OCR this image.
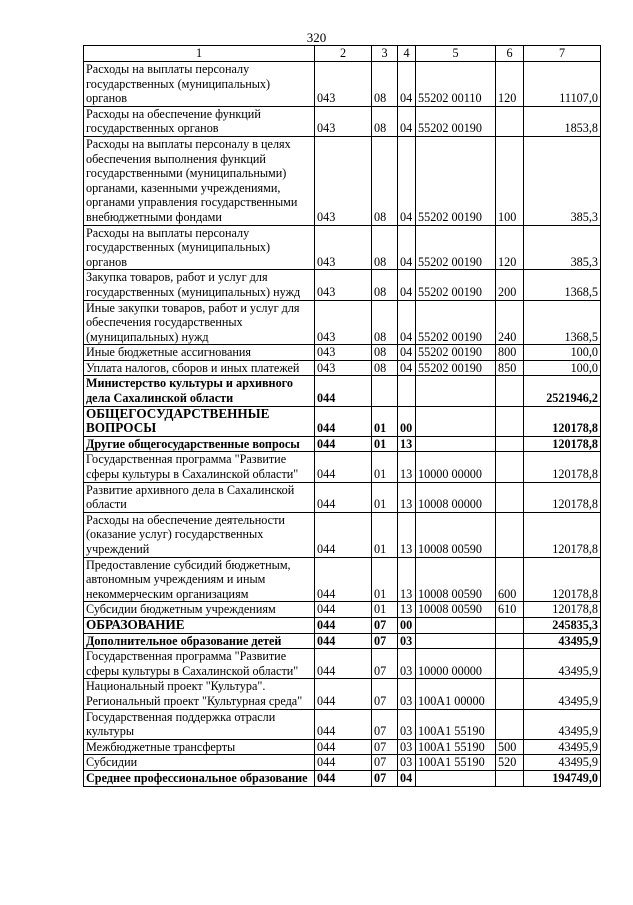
320
1	2	3	4	5	6	7
Расходы на выплаты персоналу государственных (муниципальных) органов	043	08	04	55202 00110	120	11107,0
Расходы на обеспечение функций государственных органов	043	08	04	55202 00190		1853,8
Расходы на выплаты персоналу в целях обеспечения выполнения функций государственными (муниципальными) органами, казенными учреждениями, органами управления государственными внебюджетными фондами	043	08	04	55202 00190	100	385,3
Расходы на выплаты персоналу государственных (муниципальных) органов	043	08	04	55202 00190	120	385,3
Закупка товаров, работ и услуг для государственных (муниципальных) нужд	043	08	04	55202 00190	200	1368,5
Иные закупки товаров, работ и услуг для обеспечения государственных (муниципальных) нужд	043	08	04	55202 00190	240	1368,5
Иные бюджетные ассигнования	043	08	04	55202 00190	800	100,0
Уплата налогов, сборов и иных платежей	043	08	04	55202 00190	850	100,0
Министерство культуры и архивного дела Сахалинской области	044					2521946,2
ОБЩЕГОСУДАРСТВЕННЫЕ ВОПРОСЫ	044	01	00			120178,8
Другие общегосударственные вопросы	044	01	13			120178,8
Государственная программа "Развитие сферы культуры в Сахалинской области"	044	01	13	10000 00000		120178,8
Развитие архивного дела в Сахалинской области	044	01	13	10008 00000		120178,8
Расходы на обеспечение деятельности (оказание услуг) государственных учреждений	044	01	13	10008 00590		120178,8
Предоставление субсидий бюджетным, автономным учреждениям и иным некоммерческим организациям	044	01	13	10008 00590	600	120178,8
Субсидии бюджетным учреждениям	044	01	13	10008 00590	610	120178,8
ОБРАЗОВАНИЕ	044	07	00			245835,3
Дополнительное образование детей	044	07	03			43495,9
Государственная программа "Развитие сферы культуры в Сахалинской области"	044	07	03	10000 00000		43495,9
Национальный проект "Культура". Региональный проект "Культурная среда"	044	07	03	100А1 00000		43495,9
Государственная поддержка отрасли культуры	044	07	03	100А1 55190		43495,9
Межбюджетные трансферты	044	07	03	100А1 55190	500	43495,9
Субсидии	044	07	03	100А1 55190	520	43495,9
Среднее профессиональное образование	044	07	04			194749,0
